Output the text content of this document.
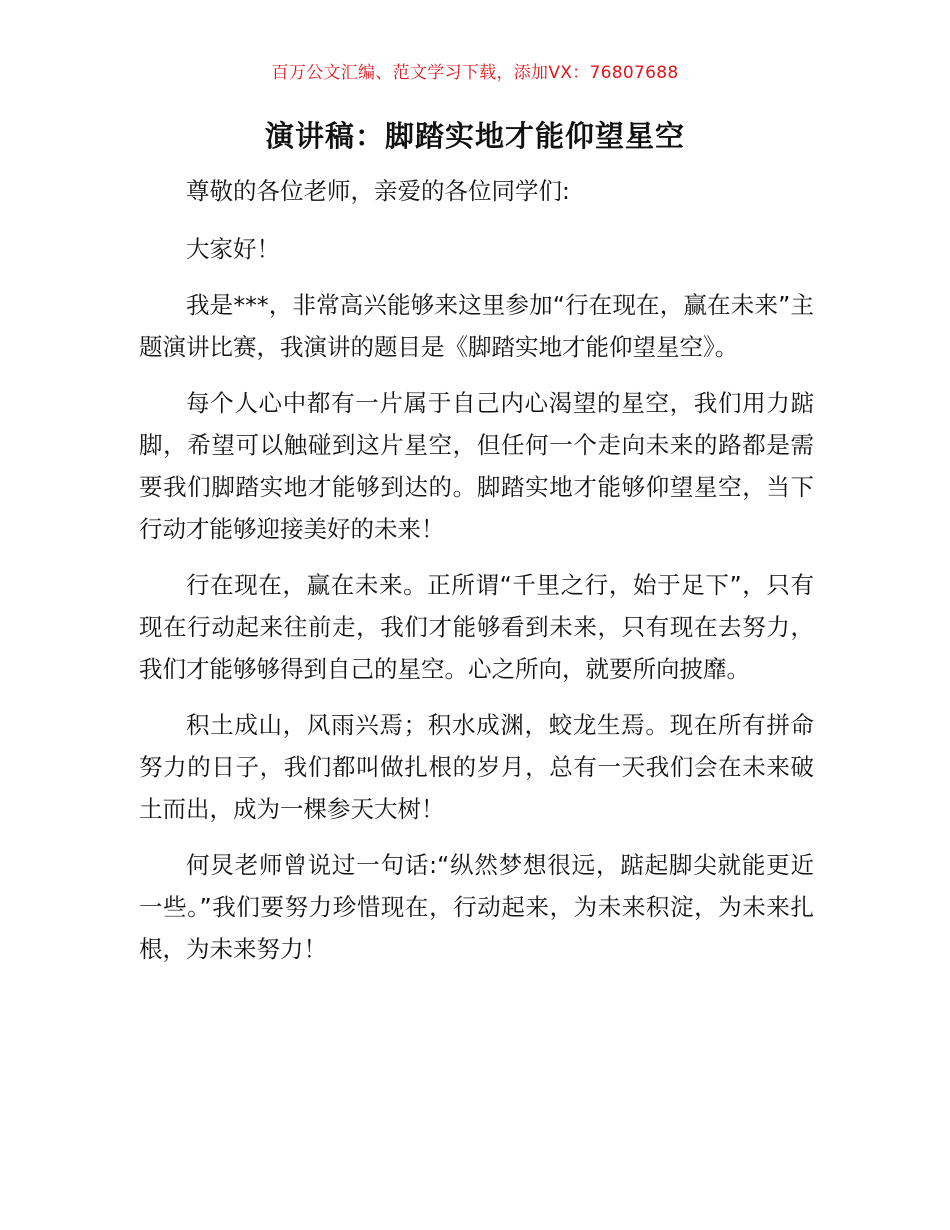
百万公文汇编、范文学习下载，添加VX：76807688
演讲稿：脚踏实地才能仰望星空

尊敬的各位老师，亲爱的各位同学们:

大家好！

我是***，非常高兴能够来这里参加“行在现在，赢在未来”主题演讲比赛，我演讲的题目是《脚踏实地才能仰望星空》。

每个人心中都有一片属于自己内心渴望的星空，我们用力踮脚，希望可以触碰到这片星空，但任何一个走向未来的路都是需要我们脚踏实地才能够到达的。脚踏实地才能够仰望星空，当下行动才能够迎接美好的未来！

行在现在，赢在未来。正所谓“千里之行，始于足下”，只有现在行动起来往前走，我们才能够看到未来，只有现在去努力，我们才能够够得到自己的星空。心之所向，就要所向披靡。

积土成山，风雨兴焉；积水成渊，蛟龙生焉。现在所有拼命努力的日子，我们都叫做扎根的岁月，总有一天我们会在未来破土而出，成为一棵参天大树！

何炅老师曾说过一句话:“纵然梦想很远，踮起脚尖就能更近一些。”我们要努力珍惜现在，行动起来，为未来积淀，为未来扎根，为未来努力！
